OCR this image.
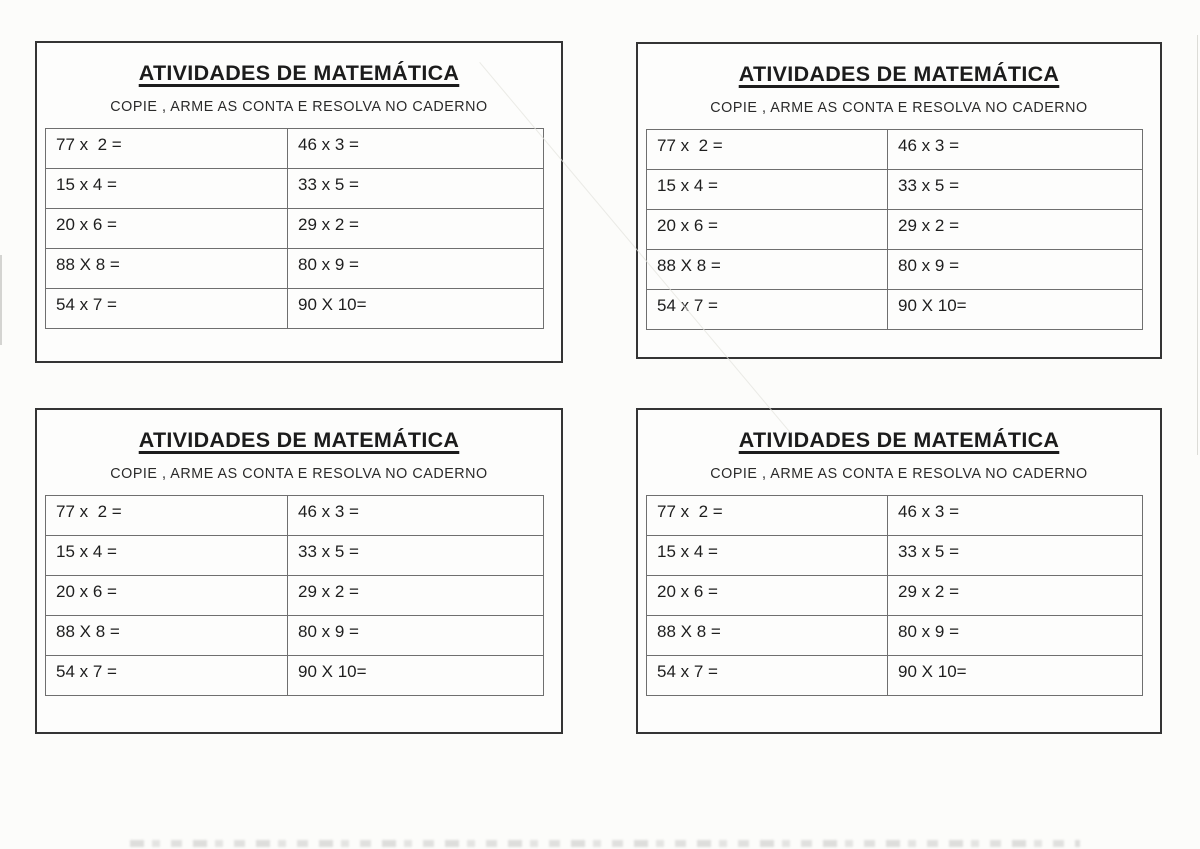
ATIVIDADES DE MATEMÁTICA

COPIE , ARME AS CONTA E RESOLVA NO CADERNO

77 x  2 =	46 x 3 =
15 x 4 =	33 x 5 =
20 x 6 =	29 x 2 =
88 X 8 =	80 x 9 =
54 x 7 =	90 X 10=
ATIVIDADES DE MATEMÁTICA

COPIE , ARME AS CONTA E RESOLVA NO CADERNO

77 x  2 =	46 x 3 =
15 x 4 =	33 x 5 =
20 x 6 =	29 x 2 =
88 X 8 =	80 x 9 =
54 x 7 =	90 X 10=
ATIVIDADES DE MATEMÁTICA

COPIE , ARME AS CONTA E RESOLVA NO CADERNO

77 x  2 =	46 x 3 =
15 x 4 =	33 x 5 =
20 x 6 =	29 x 2 =
88 X 8 =	80 x 9 =
54 x 7 =	90 X 10=
ATIVIDADES DE MATEMÁTICA

COPIE , ARME AS CONTA E RESOLVA NO CADERNO

77 x  2 =	46 x 3 =
15 x 4 =	33 x 5 =
20 x 6 =	29 x 2 =
88 X 8 =	80 x 9 =
54 x 7 =	90 X 10=
